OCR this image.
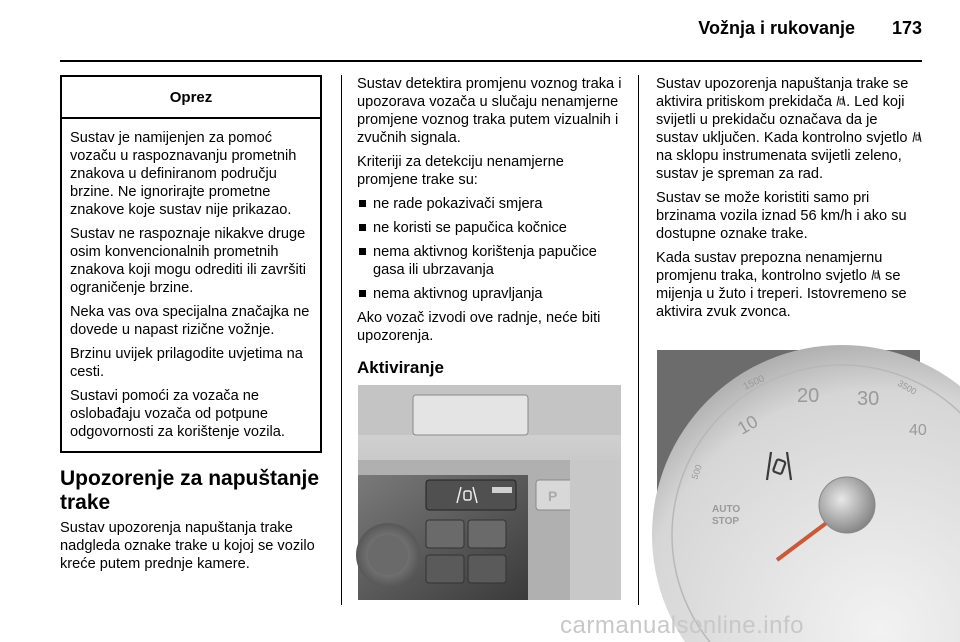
Vožnja i rukovanje 173
Oprez

Sustav je namijenjen za pomoć vozaču u raspoznavanju prometnih znakova u definiranom području brzine. Ne ignorirajte prometne znakove koje sustav nije prikazao.

Sustav ne raspoznaje nikakve druge osim konvencionalnih prometnih znakova koji mogu odrediti ili završiti ograničenje brzine.

Neka vas ova specijalna značajka ne dovede u napast rizične vožnje.

Brzinu uvijek prilagodite uvjetima na cesti.

Sustavi pomoći za vozača ne oslobađaju vozača od potpune odgovornosti za korištenje vozila.

Upozorenje za napuštanje trake

Sustav upozorenja napuštanja trake nadgleda oznake trake u kojoj se vozilo kreće putem prednje kamere.

Sustav detektira promjenu voznog traka i upozorava vozača u slučaju nenamjerne promjene voznog traka putem vizualnih i zvučnih signala.

Kriteriji za detekciju nenamjerne promjene trake su:

ne rade pokazivači smjera
ne koristi se papučica kočnice
nema aktivnog korištenja papučice gasa ili ubrzavanja
nema aktivnog upravljanja

Ako vozač izvodi ove radnje, neće biti upozorenja.

Aktiviranje
P

Sustav upozorenja napuštanja trake se aktivira pritiskom prekidača . Led koji svijetli u prekidaču označava da je sustav uključen. Kada kontrolno svjetlo  na sklopu instrumenata svijetli zeleno, sustav je spreman za rad.

Sustav se može koristiti samo pri brzinama vozila iznad 56 km/h i ako su dostupne oznake trake.

Kada sustav prepozna nenamjernu promjenu traka, kontrolno svjetlo  se mijenja u žuto i treperi. Istovremeno se aktivira zvuk zvonca.

1500
20 30
10
500
AUTO
STOP
3500
40
carmanualsonline.info
